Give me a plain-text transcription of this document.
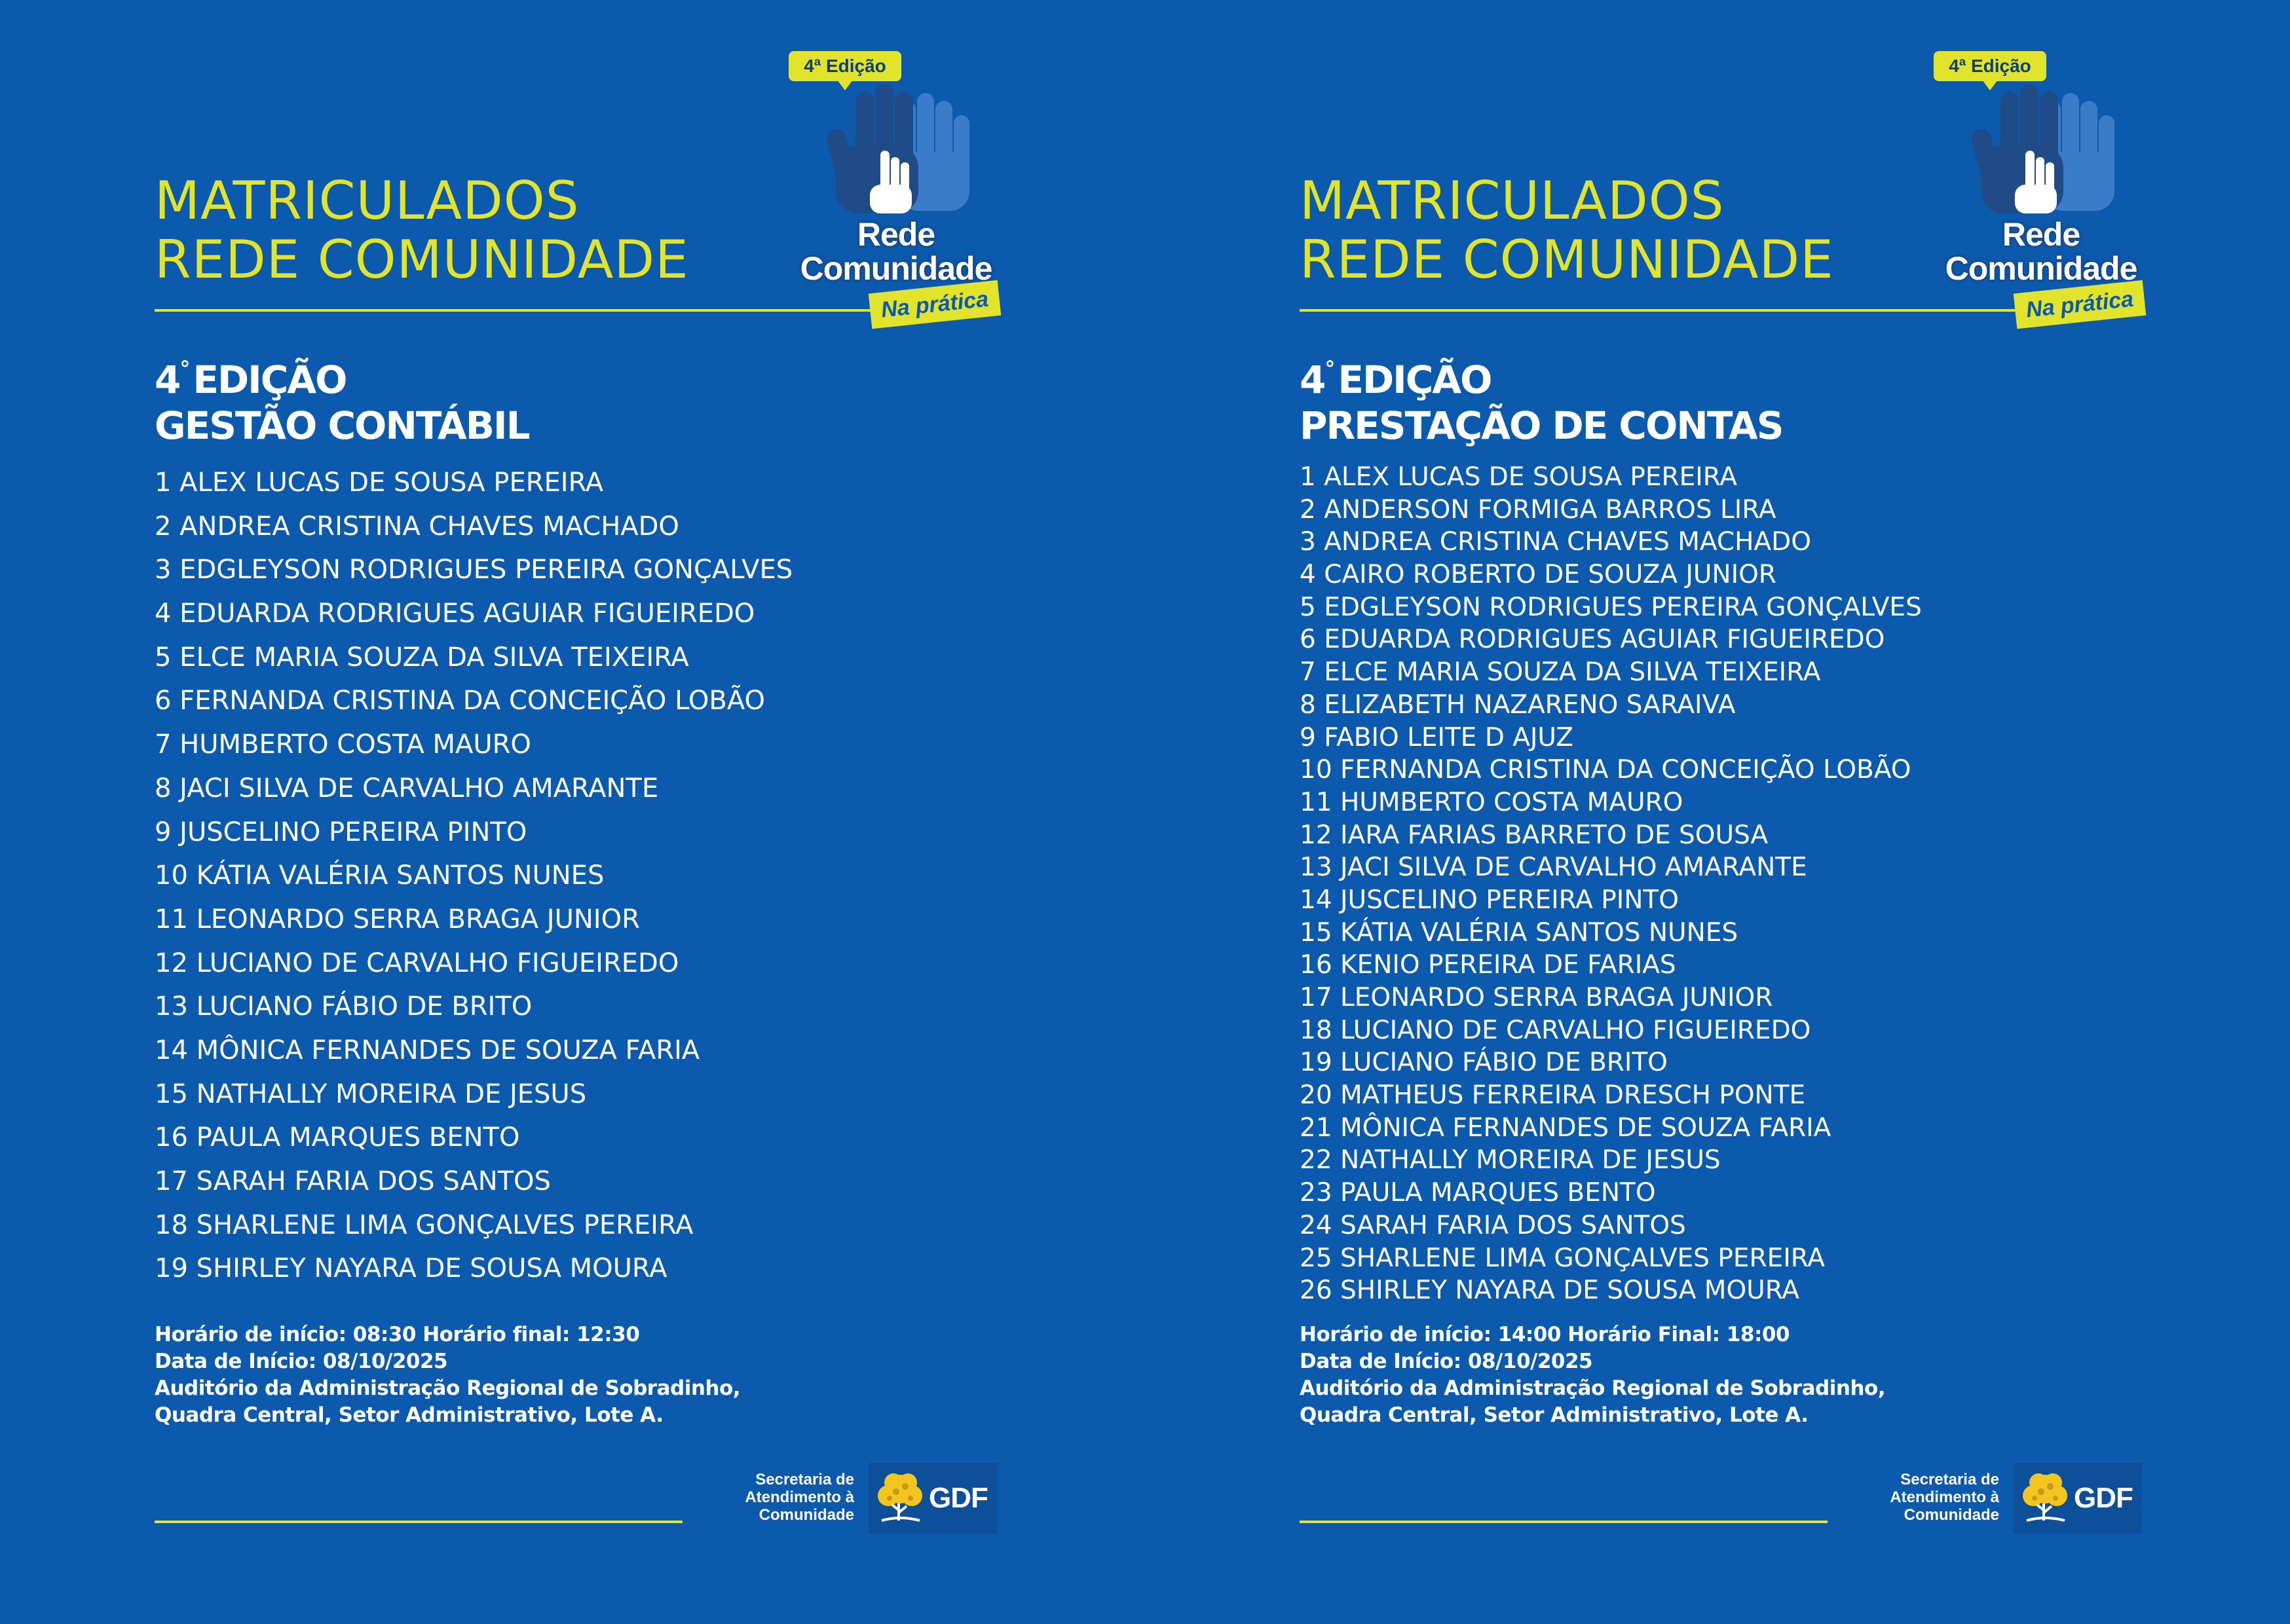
MATRICULADOS
REDE COMUNIDADE
4ª Edição
Rede
Comunidade
Na prática
4° EDIÇÃO
GESTÃO CONTÁBIL
1 ALEX LUCAS DE SOUSA PEREIRA
2 ANDREA CRISTINA CHAVES MACHADO
3 EDGLEYSON RODRIGUES PEREIRA GONÇALVES
4 EDUARDA RODRIGUES AGUIAR FIGUEIREDO
5 ELCE MARIA SOUZA DA SILVA TEIXEIRA
6 FERNANDA CRISTINA DA CONCEIÇÃO LOBÃO
7 HUMBERTO COSTA MAURO
8 JACI SILVA DE CARVALHO AMARANTE
9 JUSCELINO PEREIRA PINTO
10 KÁTIA VALÉRIA SANTOS NUNES
11 LEONARDO SERRA BRAGA JUNIOR
12 LUCIANO DE CARVALHO FIGUEIREDO
13 LUCIANO FÁBIO DE BRITO
14 MÔNICA FERNANDES DE SOUZA FARIA
15 NATHALLY MOREIRA DE JESUS
16 PAULA MARQUES BENTO
17 SARAH FARIA DOS SANTOS
18 SHARLENE LIMA GONÇALVES PEREIRA
19 SHIRLEY NAYARA DE SOUSA MOURA
Horário de início: 08:30 Horário final: 12:30
Data de Início: 08/10/2025
Auditório da Administração Regional de Sobradinho,
Quadra Central, Setor Administrativo, Lote A.
Secretaria de
Atendimento à
Comunidade
GDF
MATRICULADOS
REDE COMUNIDADE
4ª Edição
Rede
Comunidade
Na prática
4° EDIÇÃO
PRESTAÇÃO DE CONTAS
1 ALEX LUCAS DE SOUSA PEREIRA
2 ANDERSON FORMIGA BARROS LIRA
3 ANDREA CRISTINA CHAVES MACHADO
4 CAIRO ROBERTO DE SOUZA JUNIOR
5 EDGLEYSON RODRIGUES PEREIRA GONÇALVES
6 EDUARDA RODRIGUES AGUIAR FIGUEIREDO
7 ELCE MARIA SOUZA DA SILVA TEIXEIRA
8 ELIZABETH NAZARENO SARAIVA
9 FABIO LEITE D AJUZ
10 FERNANDA CRISTINA DA CONCEIÇÃO LOBÃO
11 HUMBERTO COSTA MAURO
12 IARA FARIAS BARRETO DE SOUSA
13 JACI SILVA DE CARVALHO AMARANTE
14 JUSCELINO PEREIRA PINTO
15 KÁTIA VALÉRIA SANTOS NUNES
16 KENIO PEREIRA DE FARIAS
17 LEONARDO SERRA BRAGA JUNIOR
18 LUCIANO DE CARVALHO FIGUEIREDO
19 LUCIANO FÁBIO DE BRITO
20 MATHEUS FERREIRA DRESCH PONTE
21 MÔNICA FERNANDES DE SOUZA FARIA
22 NATHALLY MOREIRA DE JESUS
23 PAULA MARQUES BENTO
24 SARAH FARIA DOS SANTOS
25 SHARLENE LIMA GONÇALVES PEREIRA
26 SHIRLEY NAYARA DE SOUSA MOURA
Horário de início: 14:00 Horário Final: 18:00
Data de Início: 08/10/2025
Auditório da Administração Regional de Sobradinho,
Quadra Central, Setor Administrativo, Lote A.
Secretaria de
Atendimento à
Comunidade
GDF
